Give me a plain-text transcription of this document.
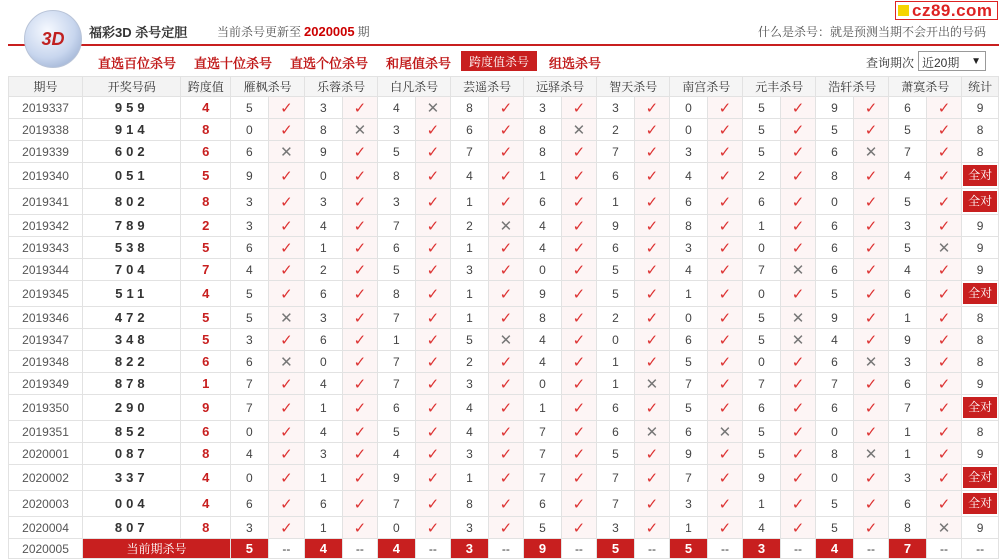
3D 福彩3D 杀号定胆 当前杀号更新至 2020005 期
cz89.com
什么是杀号：就是预测当期不会开出的号码
直选百位杀号 直选十位杀号 直选个位杀号 和尾值杀号	跨度值杀号	组选杀号	查询期次 近20期 ▼
期号	开奖号码	跨度值	雁枫杀号		乐蓉杀号		白凡杀号		芸遥杀号		远驿杀号		智天杀号		南宫杀号		元丰杀号		浩轩杀号		萧寞杀号		统计
2019337	959	4	5	✓	3	✓	4	✕	8	✓	3	✓	3	✓	0	✓	5	✓	9	✓	6	✓	9
2019338	914	8	0	✓	8	✕	3	✓	6	✓	8	✕	2	✓	0	✓	5	✓	5	✓	5	✓	8
2019339	602	6	6	✕	9	✓	5	✓	7	✓	8	✓	7	✓	3	✓	5	✓	6	✕	7	✓	8
2019340	051	5	9	✓	0	✓	8	✓	4	✓	1	✓	6	✓	4	✓	2	✓	8	✓	4	✓	全对
2019341	802	8	3	✓	3	✓	3	✓	1	✓	6	✓	1	✓	6	✓	6	✓	0	✓	5	✓	全对
2019342	789	2	3	✓	4	✓	7	✓	2	✕	4	✓	9	✓	8	✓	1	✓	6	✓	3	✓	9
2019343	538	5	6	✓	1	✓	6	✓	1	✓	4	✓	6	✓	3	✓	0	✓	6	✓	5	✕	9
2019344	704	7	4	✓	2	✓	5	✓	3	✓	0	✓	5	✓	4	✓	7	✕	6	✓	4	✓	9
2019345	511	4	5	✓	6	✓	8	✓	1	✓	9	✓	5	✓	1	✓	0	✓	5	✓	6	✓	全对
2019346	472	5	5	✕	3	✓	7	✓	1	✓	8	✓	2	✓	0	✓	5	✕	9	✓	1	✓	8
2019347	348	5	3	✓	6	✓	1	✓	5	✕	4	✓	0	✓	6	✓	5	✕	4	✓	9	✓	8
2019348	822	6	6	✕	0	✓	7	✓	2	✓	4	✓	1	✓	5	✓	0	✓	6	✕	3	✓	8
2019349	878	1	7	✓	4	✓	7	✓	3	✓	0	✓	1	✕	7	✓	7	✓	7	✓	6	✓	9
2019350	290	9	7	✓	1	✓	6	✓	4	✓	1	✓	6	✓	5	✓	6	✓	6	✓	7	✓	全对
2019351	852	6	0	✓	4	✓	5	✓	4	✓	7	✓	6	✕	6	✕	5	✓	0	✓	1	✓	8
2020001	087	8	4	✓	3	✓	4	✓	3	✓	7	✓	5	✓	9	✓	5	✓	8	✕	1	✓	9
2020002	337	4	0	✓	1	✓	9	✓	1	✓	7	✓	7	✓	7	✓	9	✓	0	✓	3	✓	全对
2020003	004	4	6	✓	6	✓	7	✓	8	✓	6	✓	7	✓	3	✓	1	✓	5	✓	6	✓	全对
2020004	807	8	3	✓	1	✓	0	✓	3	✓	5	✓	3	✓	1	✓	4	✓	5	✓	8	✕	9
2020005	当前期杀号		5	--	4	--	4	--	3	--	9	--	5	--	5	--	3	--	4	--	7	--	--
